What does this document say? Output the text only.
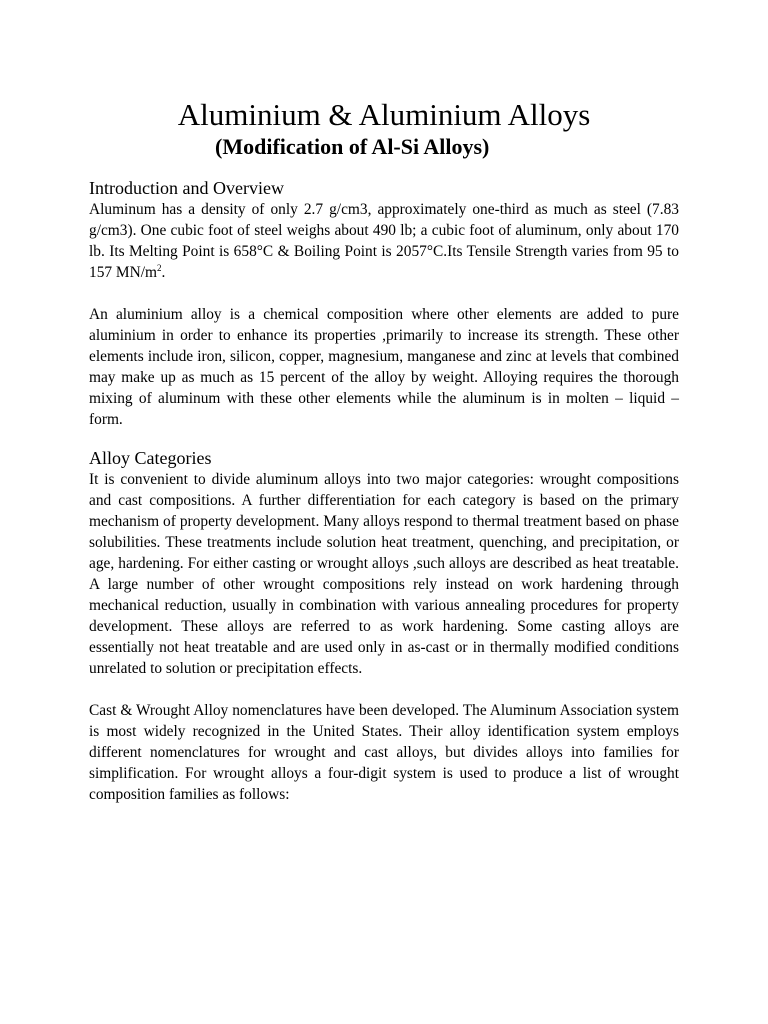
Aluminium & Aluminium Alloys
(Modification of Al-Si Alloys)
Introduction and Overview

Aluminum has a density of only 2.7 g/cm3, approximately one-third as much as steel (7.83 g/cm3). One cubic foot of steel weighs about 490 lb; a cubic foot of aluminum, only about 170 lb. Its Melting Point is 658°C & Boiling Point is 2057°C.Its Tensile Strength varies from 95 to 157 $MN/m^2$.

An aluminium alloy is a chemical composition where other elements are added to pure aluminium in order to enhance its properties ,primarily to increase its strength. These other elements include iron, silicon, copper, magnesium, manganese and zinc at levels that combined may make up as much as 15 percent of the alloy by weight. Alloying requires the thorough mixing of aluminum with these other elements while the aluminum is in molten – liquid – form.

Alloy Categories

It is convenient to divide aluminum alloys into two major categories: wrought compositions and cast compositions. A further differentiation for each category is based on the primary mechanism of property development. Many alloys respond to thermal treatment based on phase solubilities. These treatments include solution heat treatment, quenching, and precipitation, or age, hardening. For either casting or wrought alloys ,such alloys are described as heat treatable. A large number of other wrought compositions rely instead on work hardening through mechanical reduction, usually in combination with various annealing procedures for property development. These alloys are referred to as work hardening. Some casting alloys are essentially not heat treatable and are used only in as-cast or in thermally modified conditions unrelated to solution or precipitation effects.

Cast & Wrought Alloy nomenclatures have been developed. The Aluminum Association system is most widely recognized in the United States. Their alloy identification system employs different nomenclatures for wrought and cast alloys, but divides alloys into families for simplification. For wrought alloys a four-digit system is used to produce a list of wrought composition families as follows:
